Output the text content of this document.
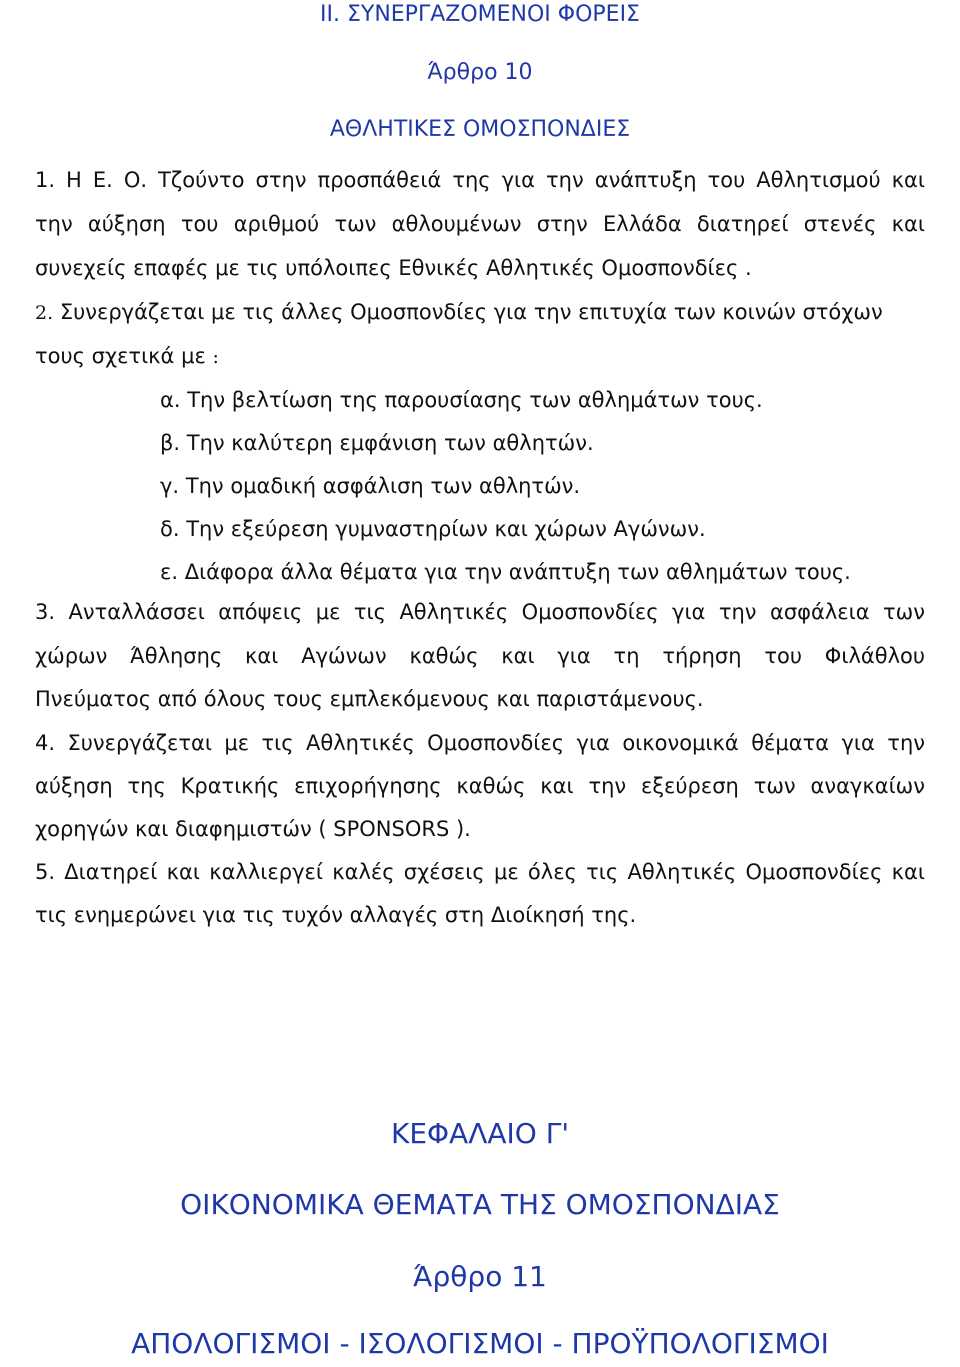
II. ΣΥΝΕΡΓΑΖΟΜΕΝΟΙ ΦΟΡΕΙΣ
Άρθρο 10
ΑΘΛΗΤΙΚΕΣ ΟΜΟΣΠΟΝΔΙΕΣ
1. Η Ε. Ο. Τζούντο στην προσπάθειά της για την ανάπτυξη του Αθλητισμού και
την αύξηση του αριθμού των αθλουμένων στην Ελλάδα διατηρεί στενές και
συνεχείς επαφές με τις υπόλοιπες Εθνικές Αθλητικές Ομοσπονδίες .
2. Συνεργάζεται με τις άλλες Ομοσπονδίες για την επιτυχία των κοινών στόχων
τους σχετικά με :
α. Την βελτίωση της παρουσίασης των αθλημάτων τους.
β. Την καλύτερη εμφάνιση των αθλητών.
γ. Την ομαδική ασφάλιση των αθλητών.
δ. Την εξεύρεση γυμναστηρίων και χώρων Αγώνων.
ε. Διάφορα άλλα θέματα για την ανάπτυξη των αθλημάτων τους.
3. Ανταλλάσσει απόψεις με τις Αθλητικές Ομοσπονδίες για την ασφάλεια των
χώρων Άθλησης και Αγώνων καθώς και για τη τήρηση του Φιλάθλου
Πνεύματος από όλους τους εμπλεκόμενους και παριστάμενους.
4. Συνεργάζεται με τις Αθλητικές Ομοσπονδίες για οικονομικά θέματα για την
αύξηση της Κρατικής επιχορήγησης καθώς και την εξεύρεση των αναγκαίων
χορηγών και διαφημιστών ( SPONSORS ).
5. Διατηρεί και καλλιεργεί καλές σχέσεις με όλες τις Αθλητικές Ομοσπονδίες και
τις ενημερώνει για τις τυχόν αλλαγές στη Διοίκησή της.
ΚΕΦΑΛΑΙΟ Γ'
ΟΙΚΟΝΟΜΙΚΑ ΘΕΜΑΤΑ ΤΗΣ ΟΜΟΣΠΟΝΔΙΑΣ
Άρθρο 11
ΑΠΟΛΟΓΙΣΜΟΙ - ΙΣΟΛΟΓΙΣΜΟΙ - ΠΡΟΫΠΟΛΟΓΙΣΜΟΙ
